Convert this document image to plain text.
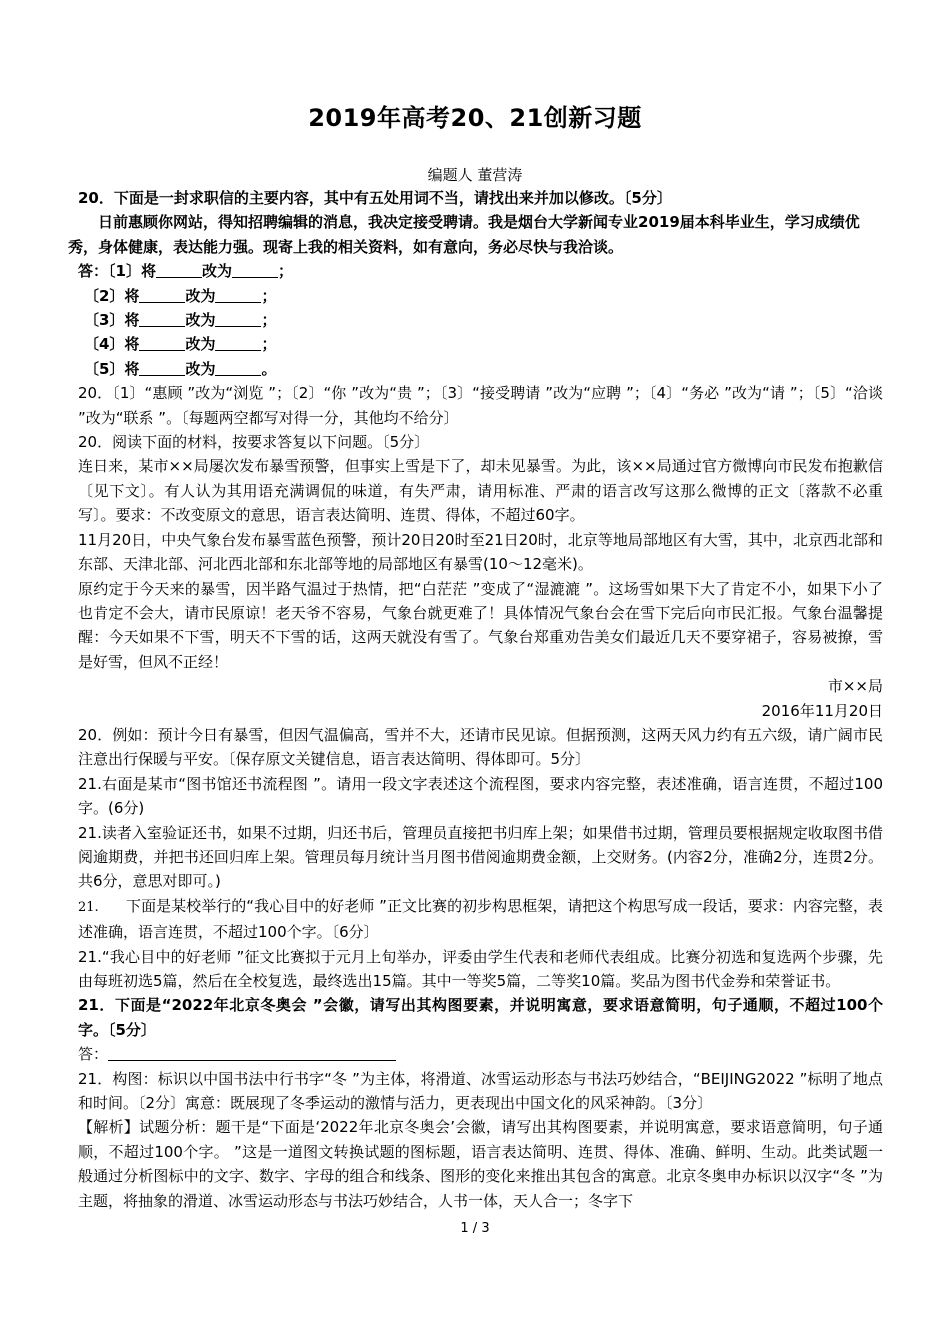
2019年高考20、21创新习题
编题人 董营涛

20．下面是一封求职信的主要内容，其中有五处用词不当，请找出来并加以修改。〔5分〕

日前惠顾你网站，得知招聘编辑的消息，我决定接受聘请。我是烟台大学新闻专业2019届本科毕业生，学习成绩优秀，身体健康，表达能力强。现寄上我的相关资料，如有意向，务必尽快与我洽谈。

答：〔1〕将	改为	；

〔2〕将	改为	；

〔3〕将	改为	；

〔4〕将	改为	；

〔5〕将	改为	。

20．〔1〕“惠顾 ”改为“浏览 ”；〔2〕“你 ”改为“贵 ”；〔3〕“接受聘请 ”改为“应聘 ”；〔4〕“务必 ”改为“请 ”；〔5〕“洽谈 ”改为“联系 ”。〔每题两空都写对得一分，其他均不给分〕

20．阅读下面的材料，按要求答复以下问题。〔5分〕

连日来，某市××局屡次发布暴雪预警，但事实上雪是下了，却未见暴雪。为此，该××局通过官方微博向市民发布抱歉信〔见下文〕。有人认为其用语充满调侃的味道，有失严肃，请用标准、严肃的语言改写这那么微博的正文〔落款不必重写〕。要求：不改变原文的意思，语言表达简明、连贯、得体，不超过60字。

11月20日，中央气象台发布暴雪蓝色预警，预计20日20时至21日20时，北京等地局部地区有大雪，其中，北京西北部和东部、天津北部、河北西北部和东北部等地的局部地区有暴雪(10～12毫米)。

原约定于今天来的暴雪，因半路气温过于热情，把“白茫茫 ”变成了“湿漉漉 ”。这场雪如果下大了肯定不小，如果下小了也肯定不会大，请市民原谅！老天爷不容易，气象台就更难了！具体情况气象台会在雪下完后向市民汇报。气象台温馨提醒：今天如果不下雪，明天不下雪的话，这两天就没有雪了。气象台郑重劝告美女们最近几天不要穿裙子，容易被撩，雪是好雪，但风不正经！

市××局

2016年11月20日

20．例如：预计今日有暴雪，但因气温偏高，雪并不大，还请市民见谅。但据预测，这两天风力约有五六级，请广阔市民注意出行保暖与平安。〔保存原文关键信息，语言表达简明、得体即可。5分〕

21.右面是某市“图书馆还书流程图 ”。请用一段文字表述这个流程图，要求内容完整，表述准确，语言连贯，不超过100字。(6分)

21.读者入室验证还书，如果不过期，归还书后，管理员直接把书归库上架；如果借书过期，管理员要根据规定收取图书借阅逾期费，并把书还回归库上架。管理员每月统计当月图书借阅逾期费金额，上交财务。(内容2分，准确2分，连贯2分。共6分，意思对即可。)

21. 下面是某校举行的“我心目中的好老师 ”正文比赛的初步构思框架，请把这个构思写成一段话，要求：内容完整，表述准确，语言连贯，不超过100个字。〔6分〕

21.“我心目中的好老师 ”征文比赛拟于元月上旬举办，评委由学生代表和老师代表组成。比赛分初选和复选两个步骤，先由每班初选5篇，然后在全校复选，最终选出15篇。其中一等奖5篇，二等奖10篇。奖品为图书代金券和荣誉证书。

21．下面是“2022年北京冬奥会 ”会徽，请写出其构图要素，并说明寓意，要求语意简明，句子通顺，不超过100个字。〔5分〕

答：

21．构图：标识以中国书法中行书字“冬 ”为主体，将滑道、冰雪运动形态与书法巧妙结合，“BEIJING2022 ”标明了地点和时间。〔2分〕寓意：既展现了冬季运动的激情与活力，更表现出中国文化的风采神韵。〔3分〕

【解析】试题分析：题干是“下面是‘2022年北京冬奥会’会徽，请写出其构图要素，并说明寓意，要求语意简明，句子通顺，不超过100个字。 ”这是一道图文转换试题的图标题，语言表达简明、连贯、得体、准确、鲜明、生动。此类试题一般通过分析图标中的文字、数字、字母的组合和线条、图形的变化来推出其包含的寓意。北京冬奥申办标识以汉字“冬 ”为主题，将抽象的滑道、冰雪运动形态与书法巧妙结合，人书一体，天人合一；冬字下

1 / 3
